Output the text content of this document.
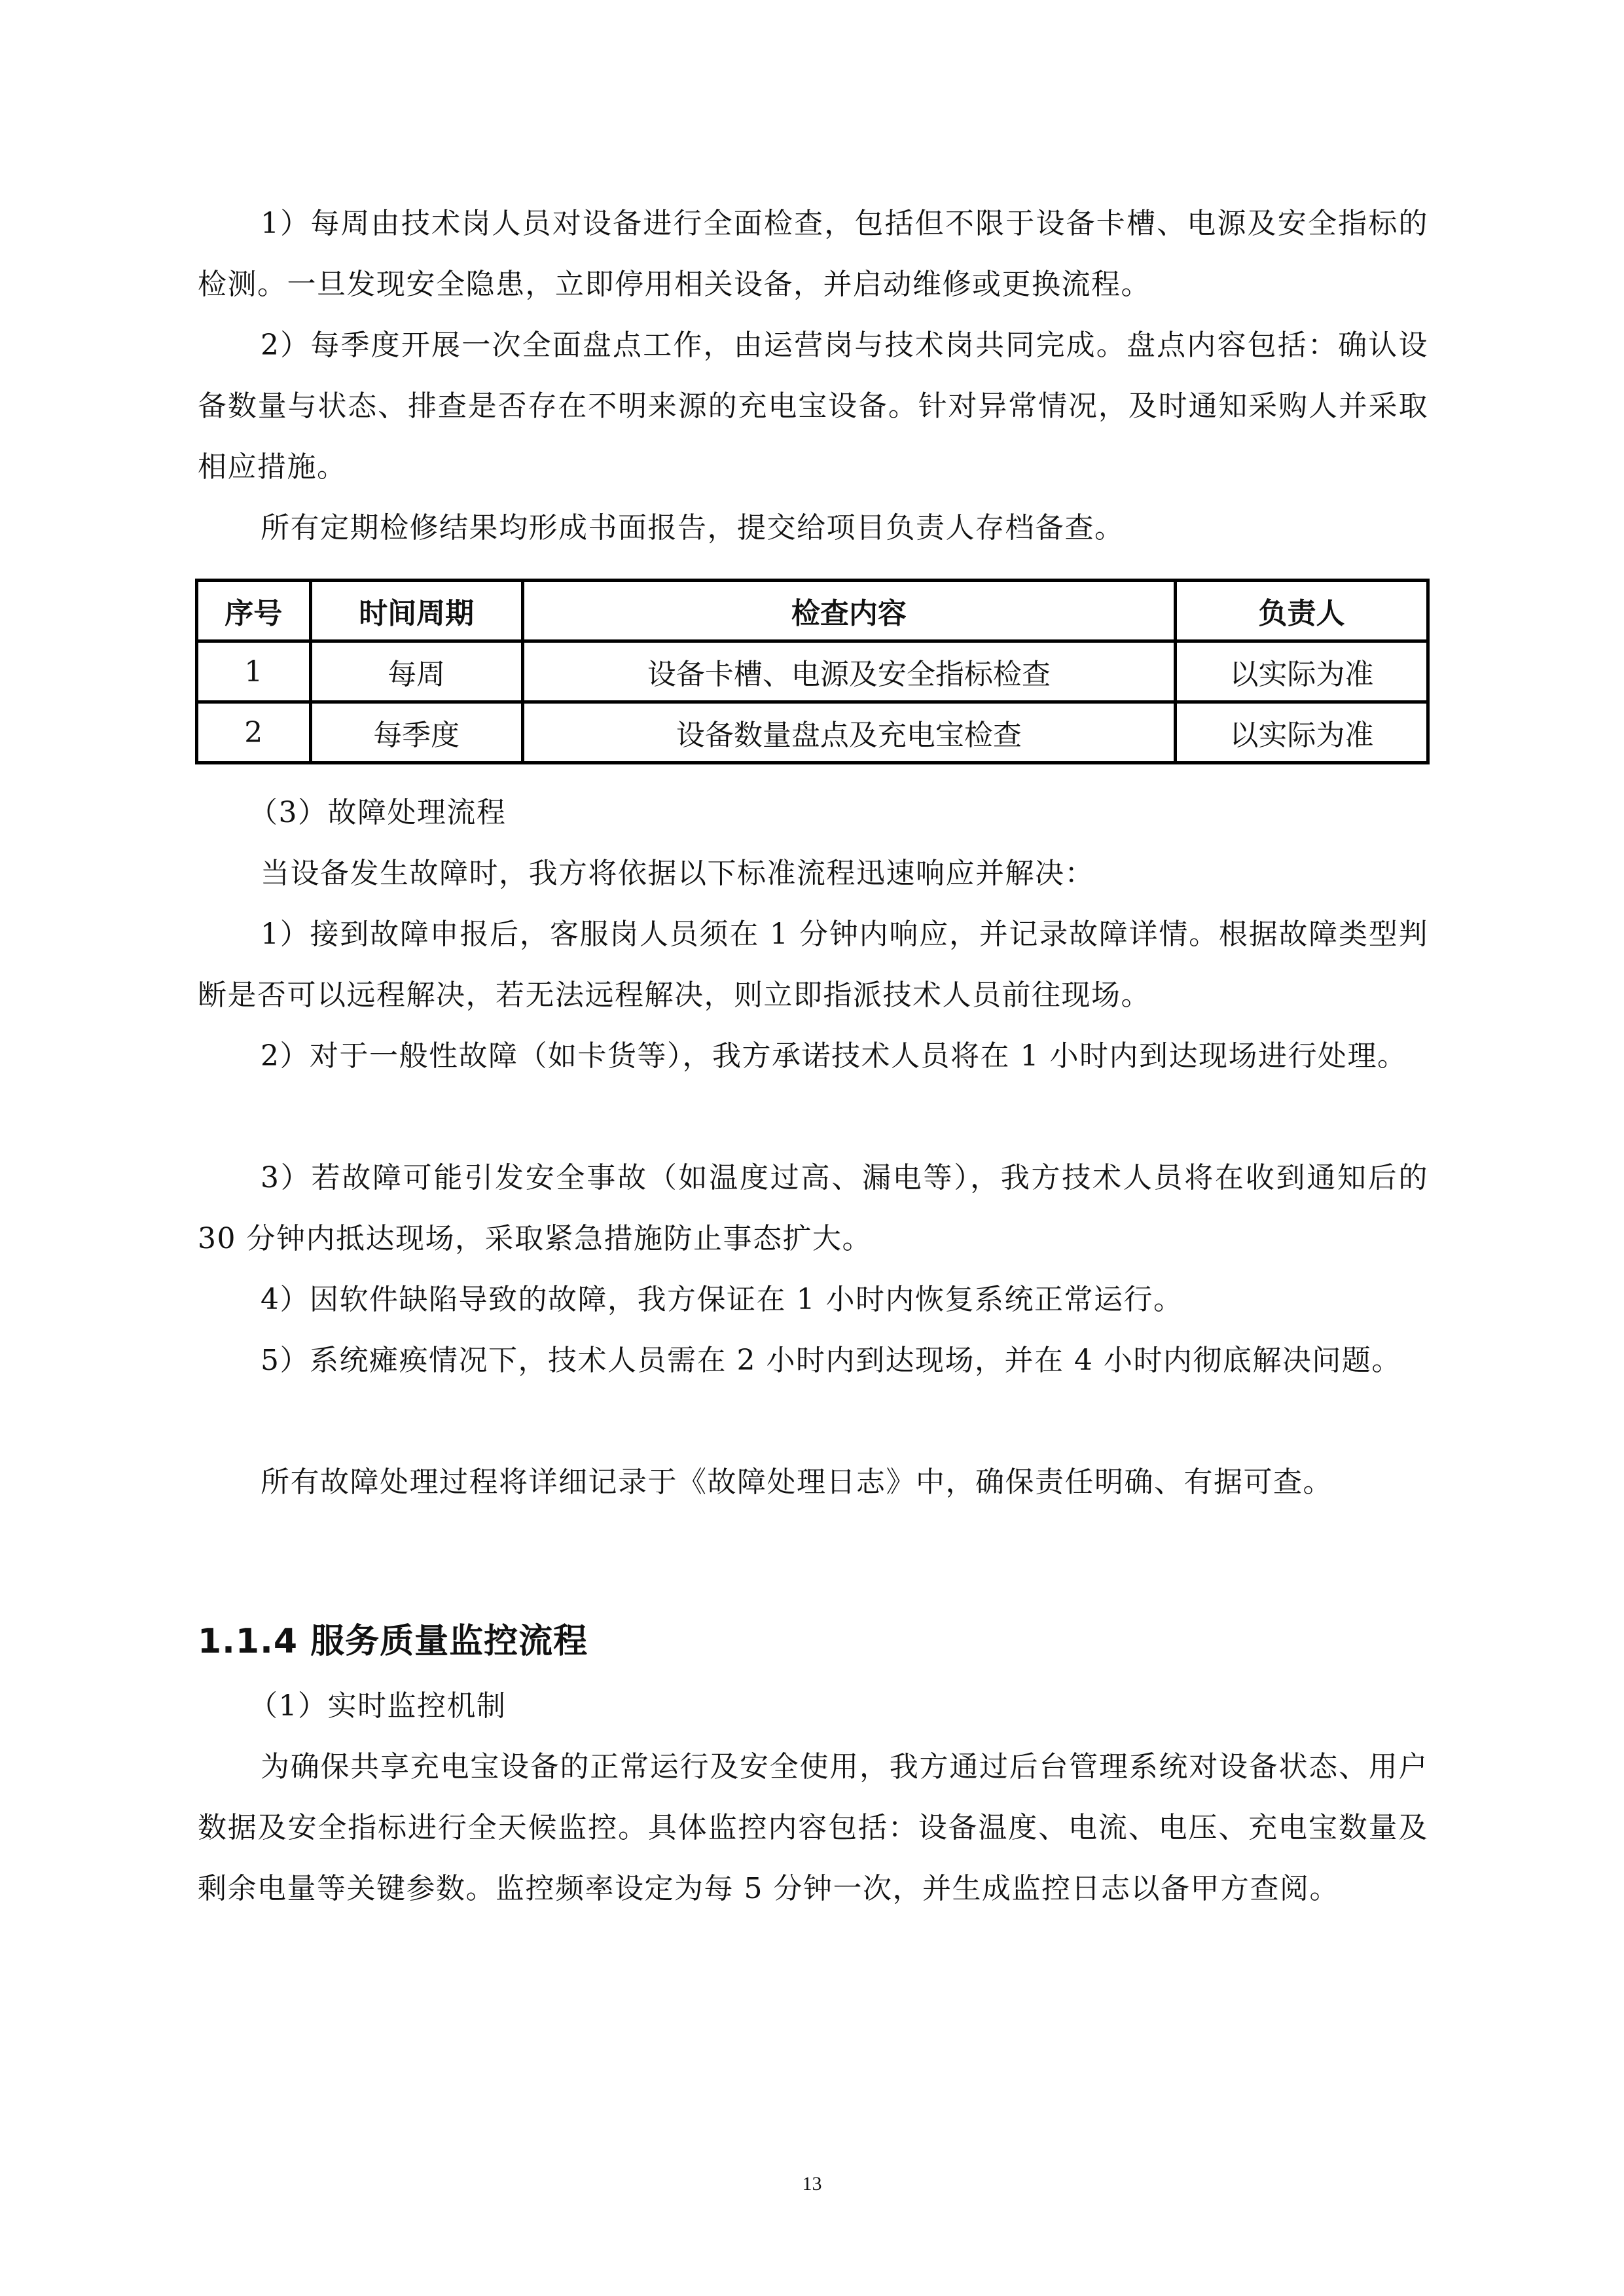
1）每周由技术岗人员对设备进行全面检查，包括但不限于设备卡槽、电源及安全指标的检测。一旦发现安全隐患，立即停用相关设备，并启动维修或更换流程。

2）每季度开展一次全面盘点工作，由运营岗与技术岗共同完成。盘点内容包括：确认设备数量与状态、排查是否存在不明来源的充电宝设备。针对异常情况，及时通知采购人并采取相应措施。

所有定期检修结果均形成书面报告，提交给项目负责人存档备查。

序号	时间周期	检查内容	负责人
1	每周	设备卡槽、电源及安全指标检查	以实际为准
2	每季度	设备数量盘点及充电宝检查	以实际为准

（3）故障处理流程

当设备发生故障时，我方将依据以下标准流程迅速响应并解决：

1）接到故障申报后，客服岗人员须在 1 分钟内响应，并记录故障详情。根据故障类型判断是否可以远程解决，若无法远程解决，则立即指派技术人员前往现场。

2）对于一般性故障（如卡货等），我方承诺技术人员将在 1 小时内到达现场进行处理。

3）若故障可能引发安全事故（如温度过高、漏电等），我方技术人员将在收到通知后的 30 分钟内抵达现场，采取紧急措施防止事态扩大。

4）因软件缺陷导致的故障，我方保证在 1 小时内恢复系统正常运行。

5）系统瘫痪情况下，技术人员需在 2 小时内到达现场，并在 4 小时内彻底解决问题。

所有故障处理过程将详细记录于《故障处理日志》中，确保责任明确、有据可查。

1.1.4 服务质量监控流程

（1）实时监控机制

为确保共享充电宝设备的正常运行及安全使用，我方通过后台管理系统对设备状态、用户数据及安全指标进行全天候监控。具体监控内容包括：设备温度、电流、电压、充电宝数量及剩余电量等关键参数。监控频率设定为每 5 分钟一次，并生成监控日志以备甲方查阅。

13
